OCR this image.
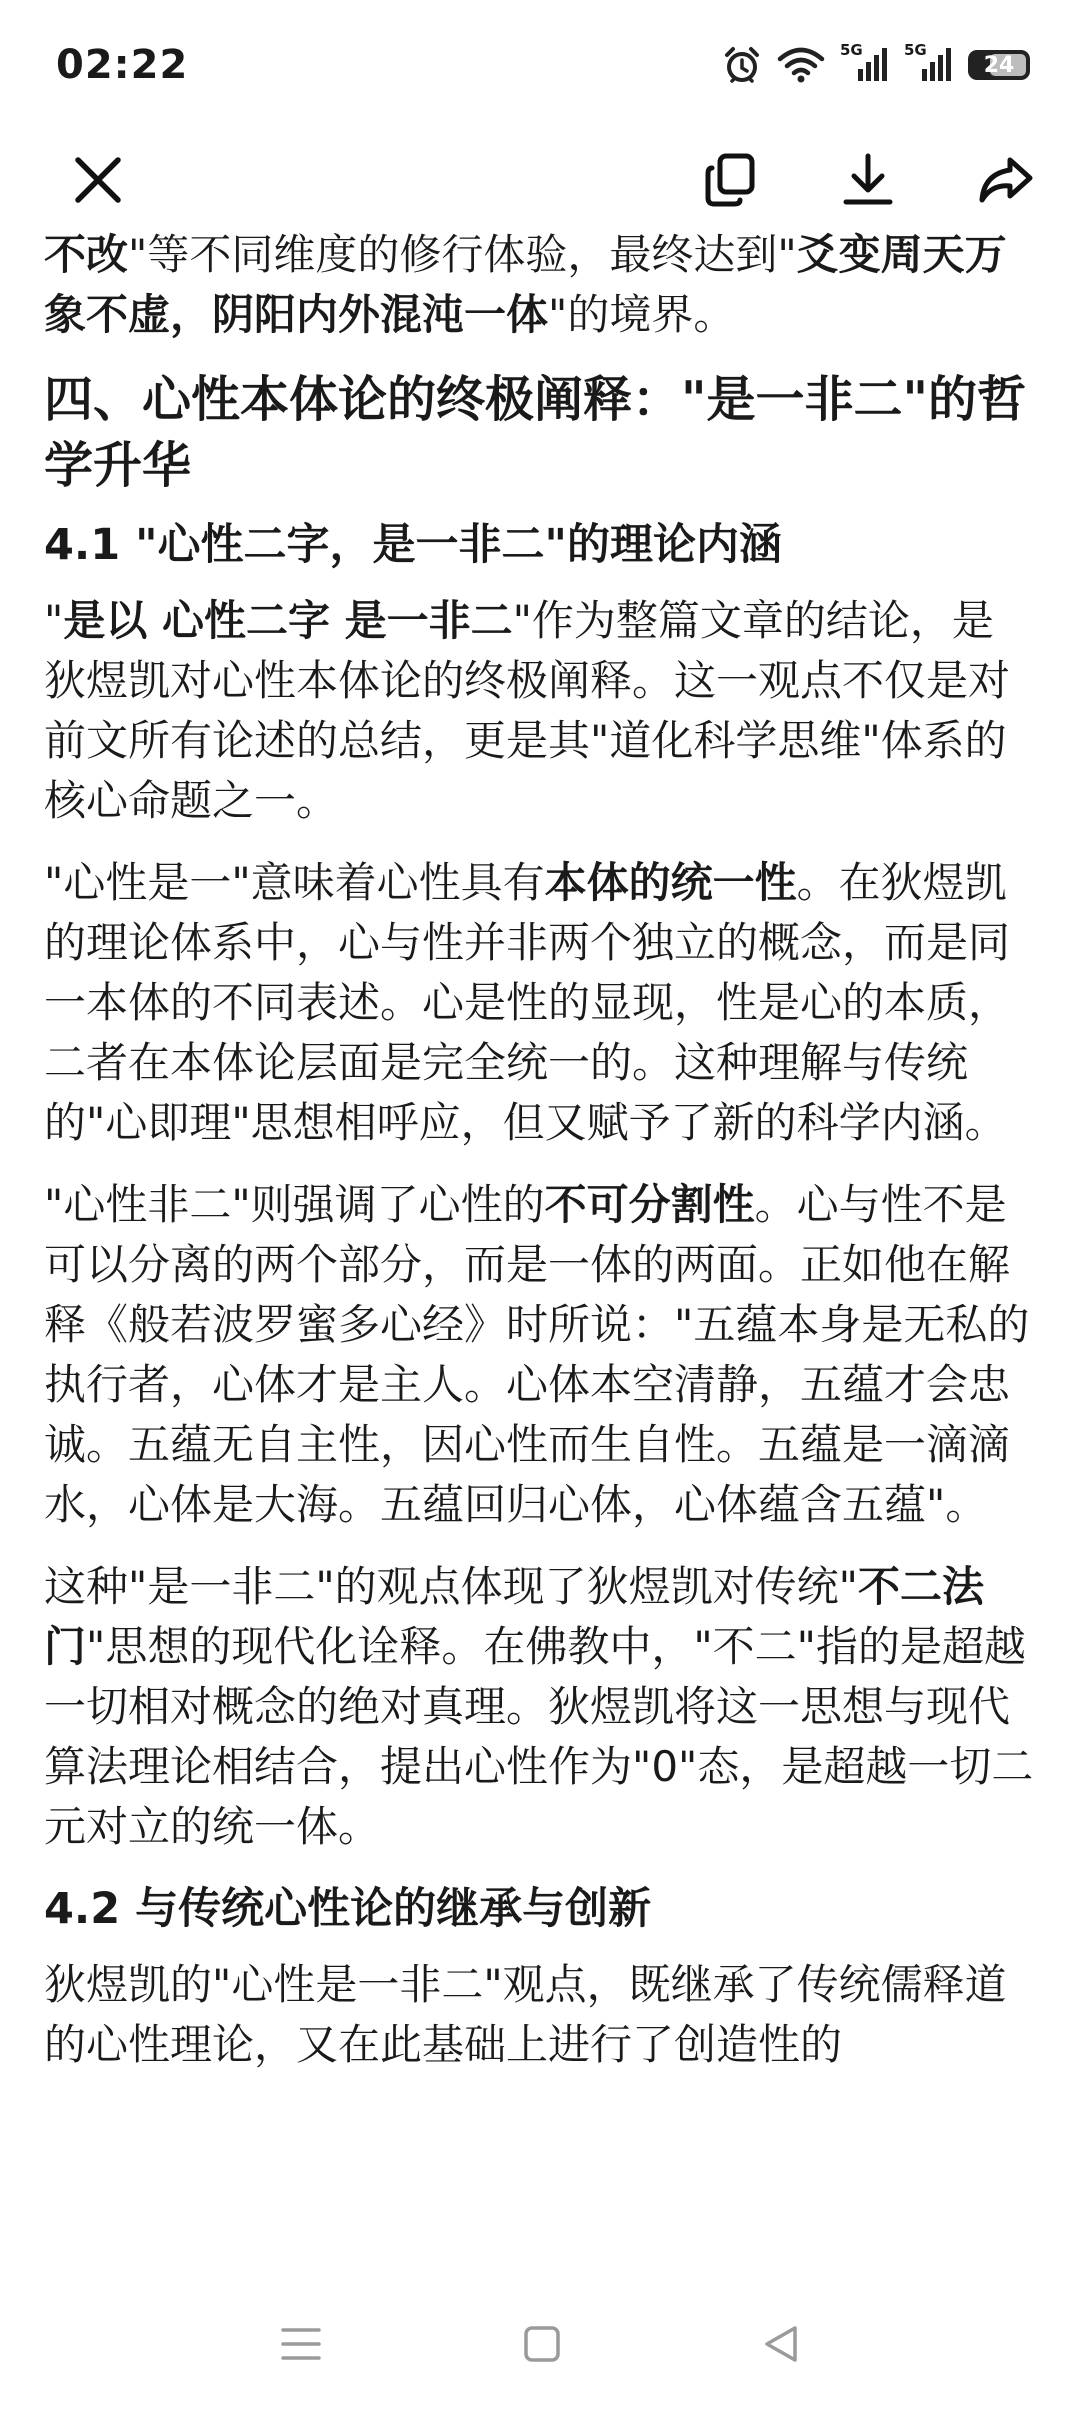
02:22	5G	5G
24

不改"等不同维度的修行体验，最终达到"爻变周天万象不虚，阴阳内外混沌一体"的境界。

四、心性本体论的终极阐释："是一非二"的哲学升华
4.1 "心性二字，是一非二"的理论内涵

"是以 心性二字 是一非二"作为整篇文章的结论，是狄煜凯对心性本体论的终极阐释。这一观点不仅是对前文所有论述的总结，更是其"道化科学思维"体系的核心命题之一。

"心性是一"意味着心性具有本体的统一性。在狄煜凯的理论体系中，心与性并非两个独立的概念，而是同一本体的不同表述。心是性的显现，性是心的本质，二者在本体论层面是完全统一的。这种理解与传统的"心即理"思想相呼应，但又赋予了新的科学内涵。

"心性非二"则强调了心性的不可分割性。心与性不是可以分离的两个部分，而是一体的两面。正如他在解释《般若波罗蜜多心经》时所说："五蕴本身是无私的执行者，心体才是主人。心体本空清静，五蕴才会忠诚。五蕴无自主性，因心性而生自性。五蕴是一滴滴水，心体是大海。五蕴回归心体，心体蕴含五蕴"。

这种"是一非二"的观点体现了狄煜凯对传统"不二法门"思想的现代化诠释。在佛教中，"不二"指的是超越一切相对概念的绝对真理。狄煜凯将这一思想与现代算法理论相结合，提出心性作为"0"态，是超越一切二元对立的统一体。

4.2 与传统心性论的继承与创新

狄煜凯的"心性是一非二"观点，既继承了传统儒释道的心性理论，又在此基础上进行了创造性的
